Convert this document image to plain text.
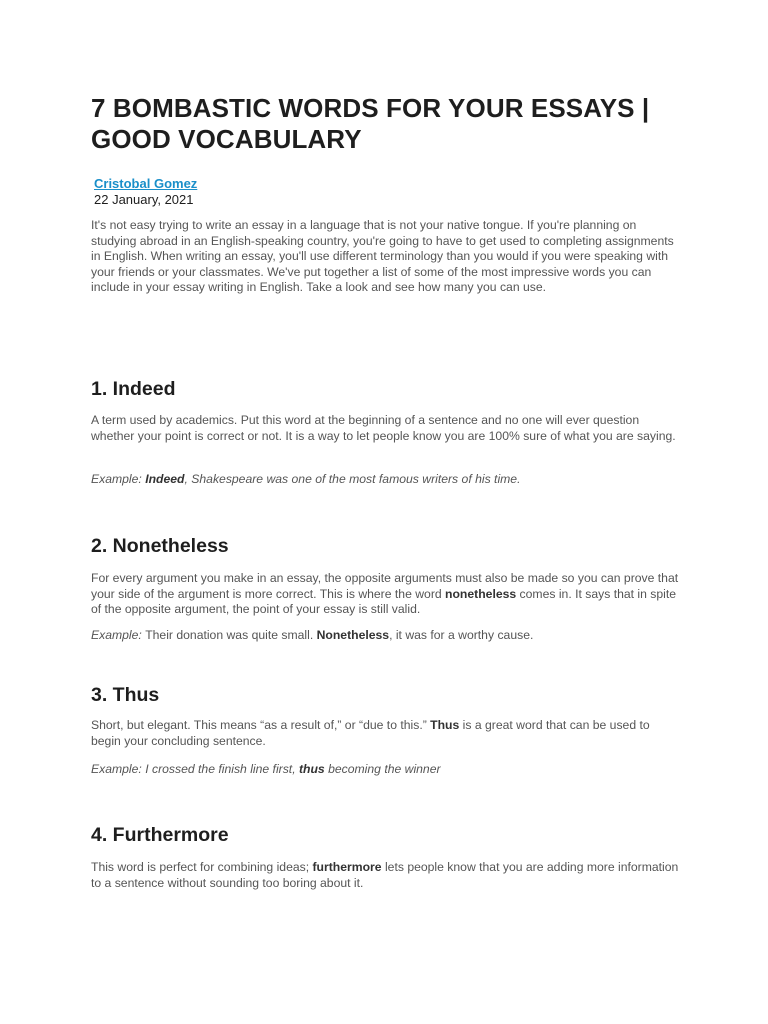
7 BOMBASTIC WORDS FOR YOUR ESSAYS | GOOD VOCABULARY
Cristobal Gomez

22 January, 2021

It's not easy trying to write an essay in a language that is not your native tongue. If you're planning on studying abroad in an English-speaking country, you're going to have to get used to completing assignments in English. When writing an essay, you'll use different terminology than you would if you were speaking with your friends or your classmates. We've put together a list of some of the most impressive words you can include in your essay writing in English. Take a look and see how many you can use.

1. Indeed

A term used by academics. Put this word at the beginning of a sentence and no one will ever question whether your point is correct or not. It is a way to let people know you are 100% sure of what you are saying.

Example: Indeed, Shakespeare was one of the most famous writers of his time.

2. Nonetheless

For every argument you make in an essay, the opposite arguments must also be made so you can prove that your side of the argument is more correct. This is where the word nonetheless comes in. It says that in spite of the opposite argument, the point of your essay is still valid.

Example: Their donation was quite small. Nonetheless, it was for a worthy cause.

3. Thus

Short, but elegant. This means “as a result of,” or “due to this.” Thus is a great word that can be used to begin your concluding sentence.

Example: I crossed the finish line first, thus becoming the winner

4. Furthermore

This word is perfect for combining ideas; furthermore lets people know that you are adding more information to a sentence without sounding too boring about it.
